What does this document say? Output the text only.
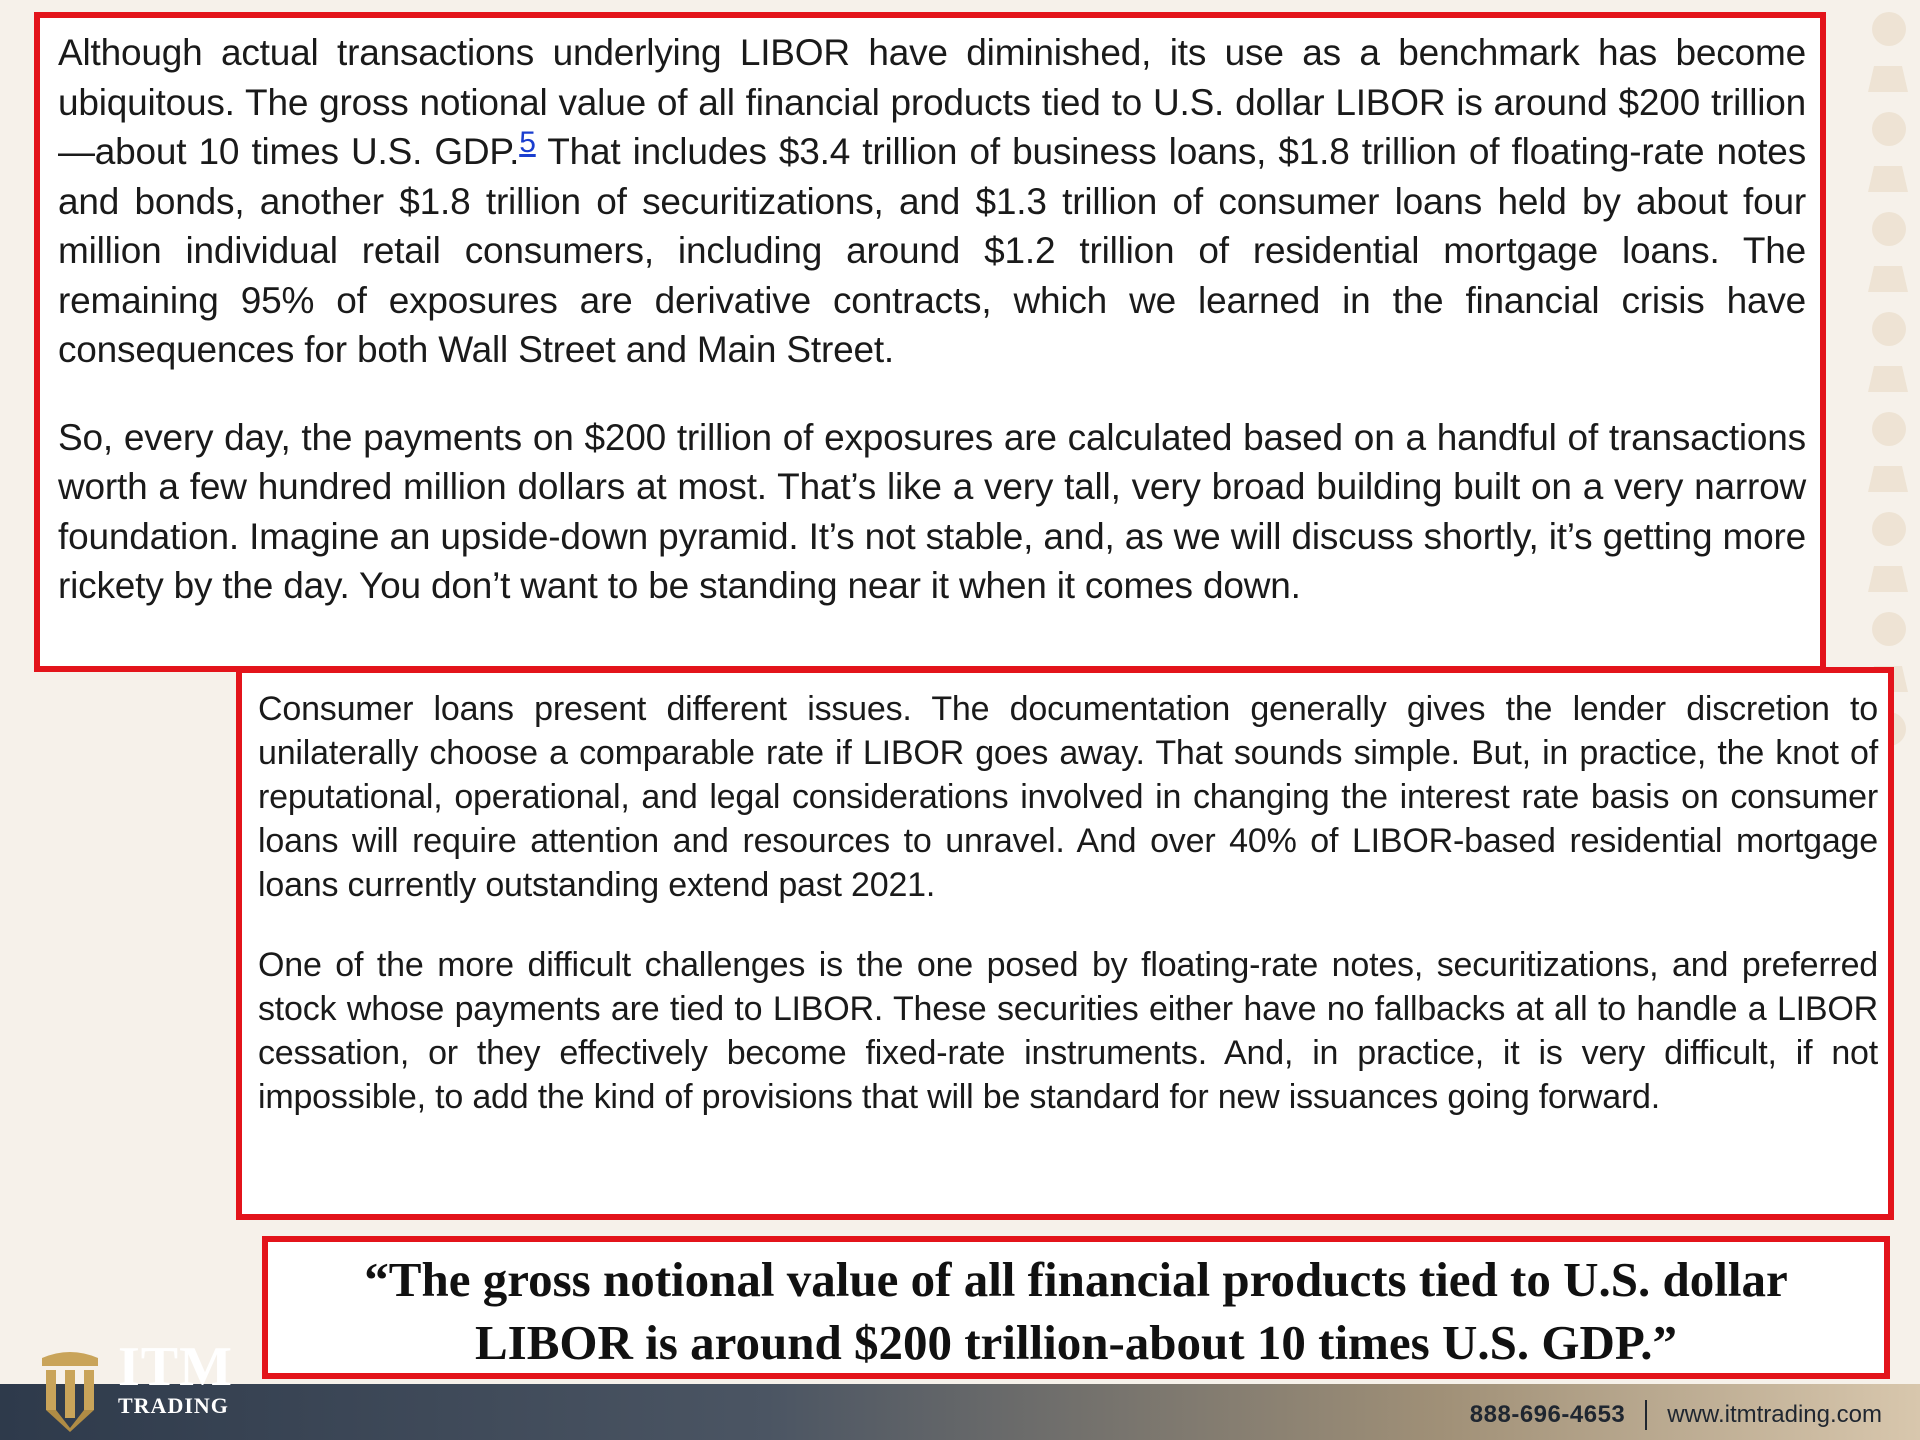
Although actual transactions underlying LIBOR have diminished, its use as a benchmark has become ubiquitous. The gross notional value of all financial products tied to U.S. dollar LIBOR is around $200 trillion—about 10 times U.S. GDP.$^5$ That includes $3.4 trillion of business loans, $1.8 trillion of floating-rate notes and bonds, another $1.8 trillion of securitizations, and $1.3 trillion of consumer loans held by about four million individual retail consumers, including around $1.2 trillion of residential mortgage loans. The remaining 95% of exposures are derivative contracts, which we learned in the financial crisis have consequences for both Wall Street and Main Street.

So, every day, the payments on $200 trillion of exposures are calculated based on a handful of transactions worth a few hundred million dollars at most. That’s like a very tall, very broad building built on a very narrow foundation. Imagine an upside-down pyramid. It’s not stable, and, as we will discuss shortly, it’s getting more rickety by the day. You don’t want to be standing near it when it comes down.

Consumer loans present different issues. The documentation generally gives the lender discretion to unilaterally choose a comparable rate if LIBOR goes away. That sounds simple. But, in practice, the knot of reputational, operational, and legal considerations involved in changing the interest rate basis on consumer loans will require attention and resources to unravel. And over 40% of LIBOR-based residential mortgage loans currently outstanding extend past 2021.

One of the more difficult challenges is the one posed by floating-rate notes, securitizations, and preferred stock whose payments are tied to LIBOR. These securities either have no fallbacks at all to handle a LIBOR cessation, or they effectively become fixed-rate instruments. And, in practice, it is very difficult, if not impossible, to add the kind of provisions that will be standard for new issuances going forward.

“The gross notional value of all financial products tied to U.S. dollar
LIBOR is around $200 trillion-about 10 times U.S. GDP.”

888-696-4653 www.itmtrading.com
ITM
TRADING
